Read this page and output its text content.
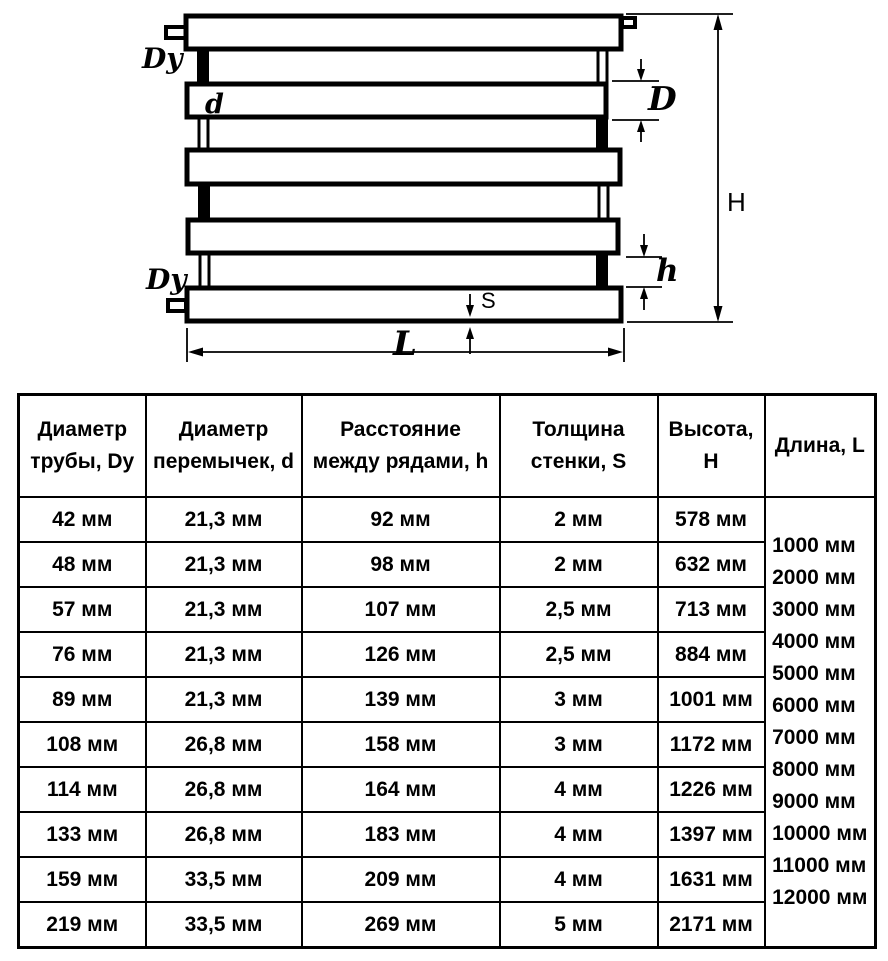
Dy
Dy
d	D
h
H
S
L
Диаметр трубы, Dy	Диаметр перемычек, d	Расстояние между рядами, h	Толщина стенки, S	Высота, H	Длина, L
42 мм	21,3 мм	92 мм	2 мм	578 мм	
1000 мм
2000 мм
3000 мм
4000 мм
5000 мм
6000 мм
7000 мм
8000 мм
9000 мм
10000 мм
11000 мм
12000 мм

48 мм	21,3 мм	98 мм	2 мм	632 мм	
57 мм	21,3 мм	107 мм	2,5 мм	713 мм	
76 мм	21,3 мм	126 мм	2,5 мм	884 мм	
89 мм	21,3 мм	139 мм	3 мм	1001 мм	
108 мм	26,8 мм	158 мм	3 мм	1172 мм	
114 мм	26,8 мм	164 мм	4 мм	1226 мм	
133 мм	26,8 мм	183 мм	4 мм	1397 мм	
159 мм	33,5 мм	209 мм	4 мм	1631 мм	
219 мм	33,5 мм	269 мм	5 мм	2171 мм	
